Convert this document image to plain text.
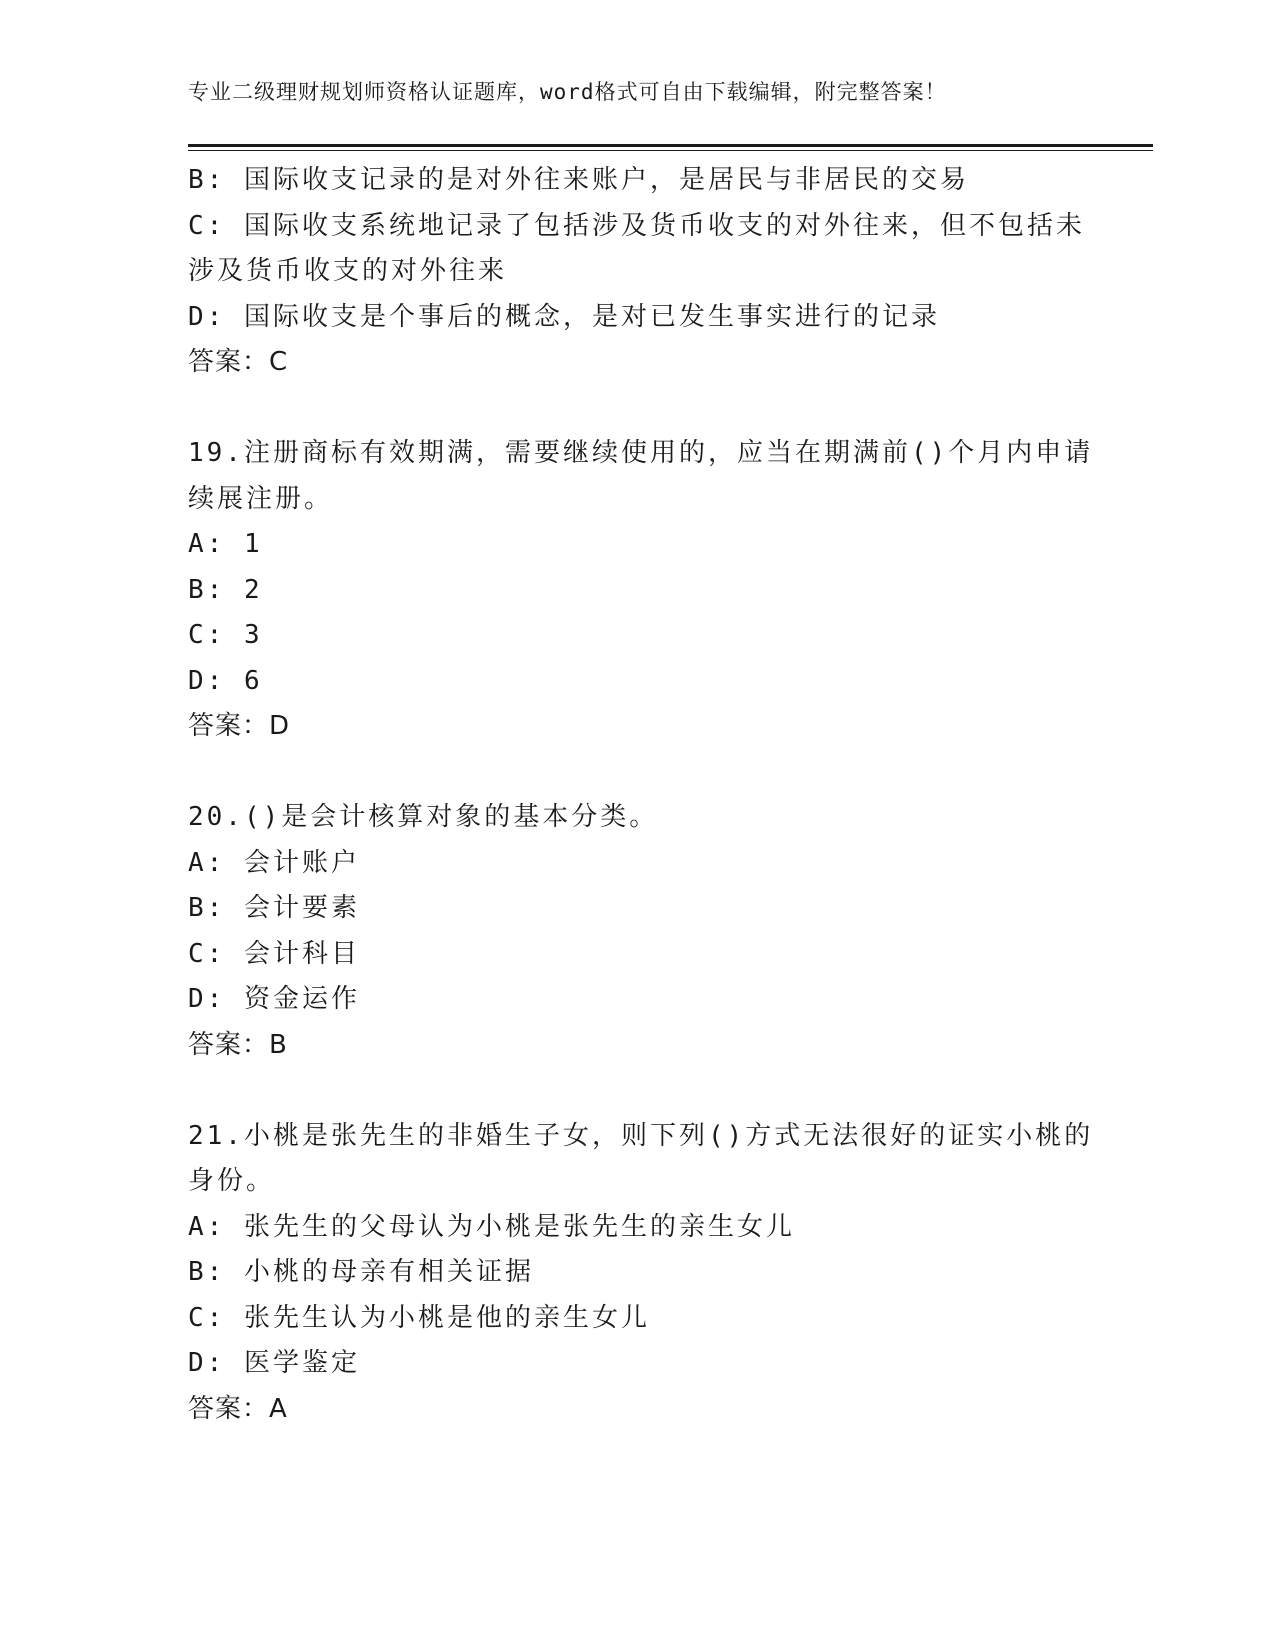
专业二级理财规划师资格认证题库，word格式可自由下载编辑，附完整答案！
B: 国际收支记录的是对外往来账户，是居民与非居民的交易
C: 国际收支系统地记录了包括涉及货币收支的对外往来，但不包括未
涉及货币收支的对外往来
D: 国际收支是个事后的概念，是对已发生事实进行的记录
答案：C
19.注册商标有效期满，需要继续使用的，应当在期满前()个月内申请
续展注册。
A: 1
B: 2
C: 3
D: 6
答案：D
20.()是会计核算对象的基本分类。
A: 会计账户
B: 会计要素
C: 会计科目
D: 资金运作
答案：B
21.小桃是张先生的非婚生子女，则下列()方式无法很好的证实小桃的
身份。
A: 张先生的父母认为小桃是张先生的亲生女儿
B: 小桃的母亲有相关证据
C: 张先生认为小桃是他的亲生女儿
D: 医学鉴定
答案：A
